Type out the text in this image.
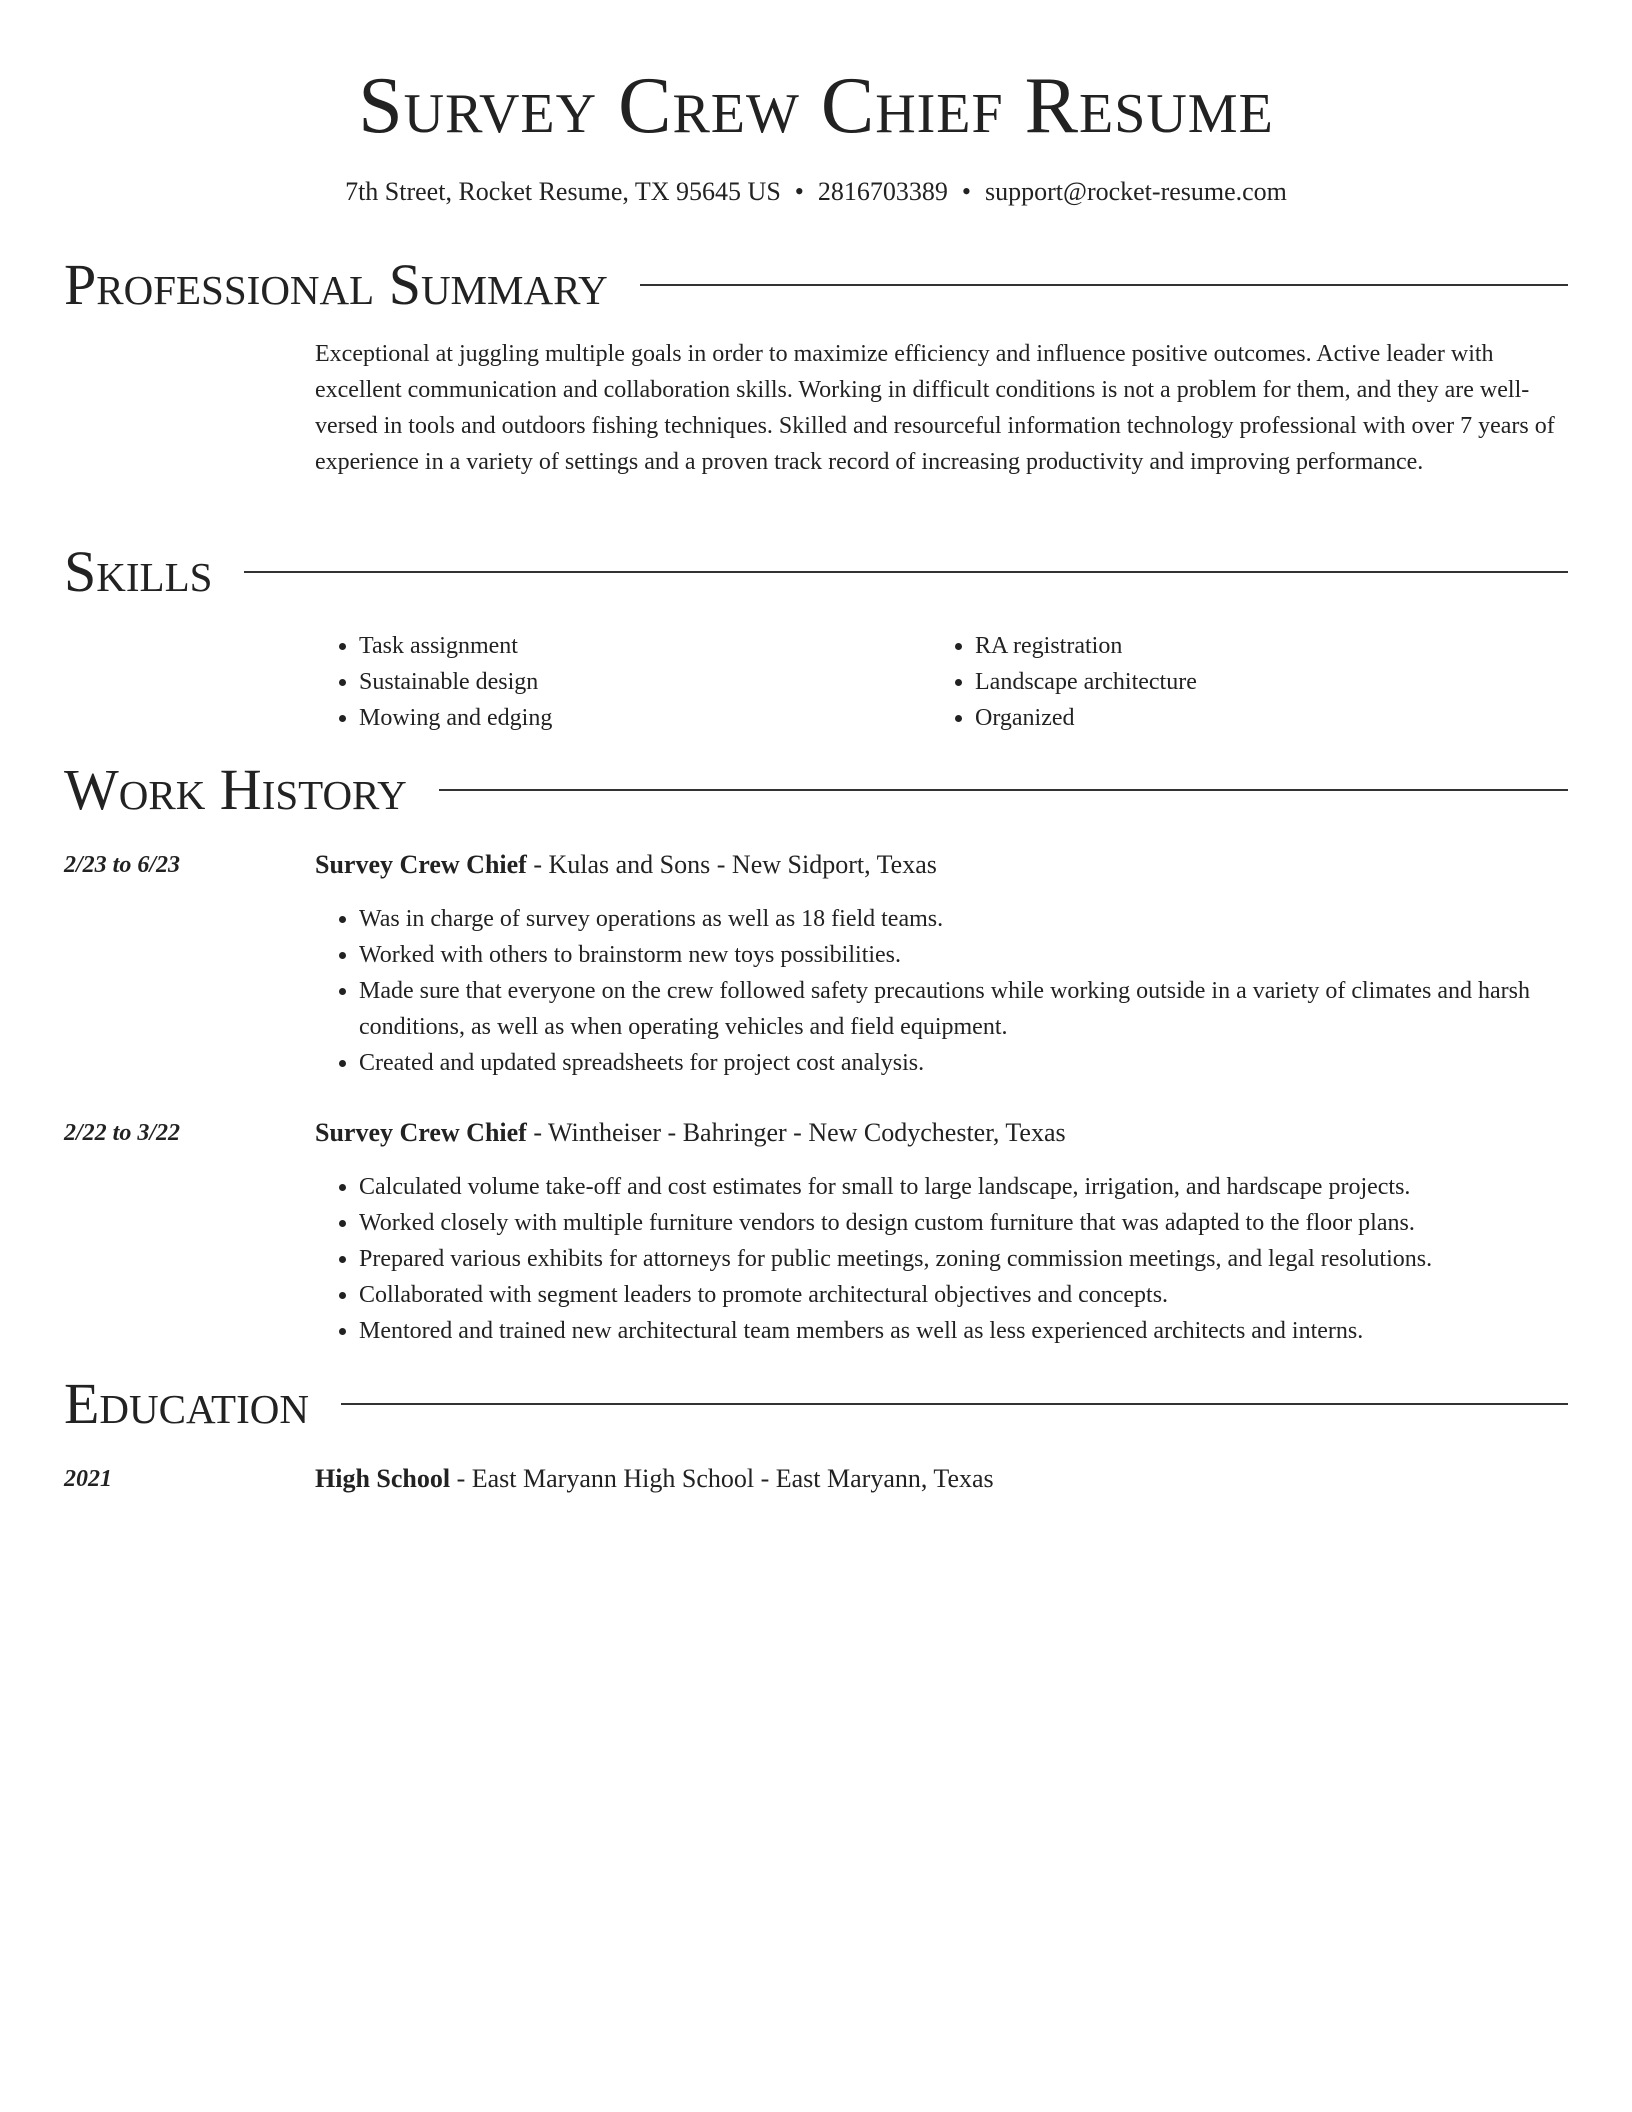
Survey Crew Chief Resume
7th Street, Rocket Resume, TX 95645 US • 2816703389 • support@rocket-resume.com
Professional Summary

Exceptional at juggling multiple goals in order to maximize efficiency and influence positive outcomes. Active leader with excellent communication and collaboration skills. Working in difficult conditions is not a problem for them, and they are well-versed in tools and outdoors fishing techniques. Skilled and resourceful information technology professional with over 7 years of experience in a variety of settings and a proven track record of increasing productivity and improving performance.

Skills
• Task assignment
• Sustainable design
• Mowing and edging
• RA registration
• Landscape architecture
• Organized
Work History
2/23 to 6/23	Survey Crew Chief - Kulas and Sons - New Sidport, Texas
• Was in charge of survey operations as well as 18 field teams.
• Worked with others to brainstorm new toys possibilities.
• Made sure that everyone on the crew followed safety precautions while working outside in a variety of climates and harsh conditions, as well as when operating vehicles and field equipment.
• Created and updated spreadsheets for project cost analysis.
2/22 to 3/22	Survey Crew Chief - Wintheiser - Bahringer - New Codychester, Texas
• Calculated volume take-off and cost estimates for small to large landscape, irrigation, and hardscape projects.
• Worked closely with multiple furniture vendors to design custom furniture that was adapted to the floor plans.
• Prepared various exhibits for attorneys for public meetings, zoning commission meetings, and legal resolutions.
• Collaborated with segment leaders to promote architectural objectives and concepts.
• Mentored and trained new architectural team members as well as less experienced architects and interns.
Education
2021	High School - East Maryann High School - East Maryann, Texas
